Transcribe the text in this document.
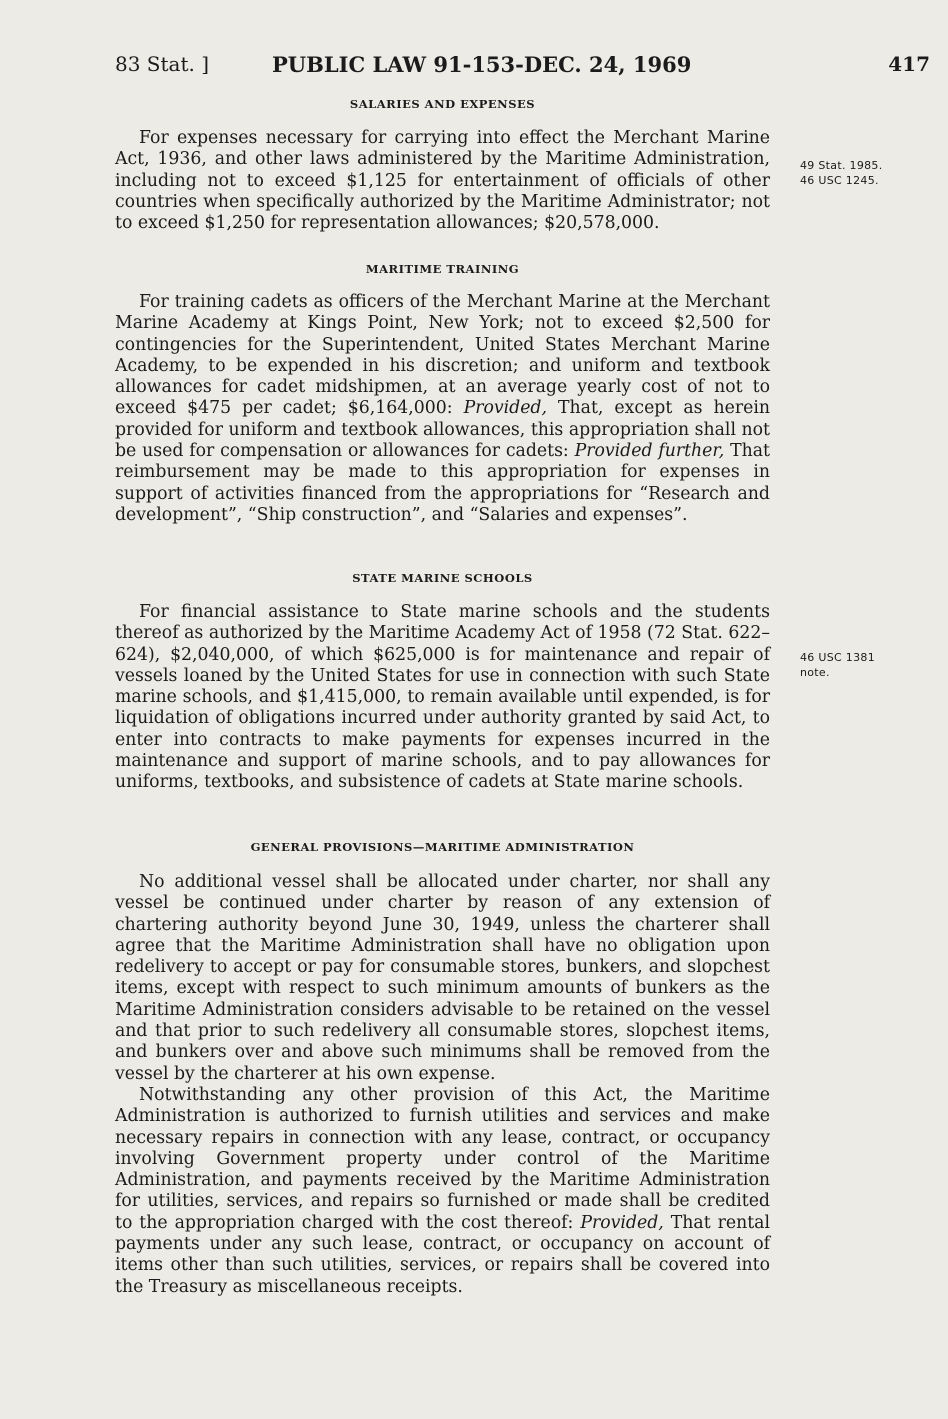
83 Stat. ]	PUBLIC LAW 91-153-DEC. 24, 1969	417
SALARIES AND EXPENSES

For expenses necessary for carrying into effect the Merchant Marine Act, 1936, and other laws administered by the Maritime Administration, including not to exceed $1,125 for entertainment of officials of other countries when specifically authorized by the Maritime Administrator; not to exceed $1,250 for representation allowances; $20,578,000.

49 Stat. 1985.
46 USC 1245.
MARITIME TRAINING

For training cadets as officers of the Merchant Marine at the Merchant Marine Academy at Kings Point, New York; not to exceed $2,500 for contingencies for the Superintendent, United States Merchant Marine Academy, to be expended in his discretion; and uniform and textbook allowances for cadet midshipmen, at an average yearly cost of not to exceed $475 per cadet; $6,164,000: Provided, That, except as herein provided for uniform and textbook allowances, this appropriation shall not be used for compensation or allowances for cadets: Provided further, That reimbursement may be made to this appropriation for expenses in support of activities financed from the appropriations for “Research and development”, “Ship construction”, and “Salaries and expenses”.

STATE MARINE SCHOOLS

For financial assistance to State marine schools and the students thereof as authorized by the Maritime Academy Act of 1958 (72 Stat. 622–624), $2,040,000, of which $625,000 is for maintenance and repair of vessels loaned by the United States for use in connection with such State marine schools, and $1,415,000, to remain available until expended, is for liquidation of obligations incurred under authority granted by said Act, to enter into contracts to make payments for expenses incurred in the maintenance and support of marine schools, and to pay allowances for uniforms, textbooks, and subsistence of cadets at State marine schools.

46 USC 1381
note.
GENERAL PROVISIONS—MARITIME ADMINISTRATION

No additional vessel shall be allocated under charter, nor shall any vessel be continued under charter by reason of any extension of chartering authority beyond June 30, 1949, unless the charterer shall agree that the Maritime Administration shall have no obligation upon redelivery to accept or pay for consumable stores, bunkers, and slopchest items, except with respect to such minimum amounts of bunkers as the Maritime Administration considers advisable to be retained on the vessel and that prior to such redelivery all consumable stores, slopchest items, and bunkers over and above such minimums shall be removed from the vessel by the charterer at his own expense.

Notwithstanding any other provision of this Act, the Maritime Administration is authorized to furnish utilities and services and make necessary repairs in connection with any lease, contract, or occupancy involving Government property under control of the Maritime Administration, and payments received by the Maritime Administration for utilities, services, and repairs so furnished or made shall be credited to the appropriation charged with the cost thereof: Provided, That rental payments under any such lease, contract, or occupancy on account of items other than such utilities, services, or repairs shall be covered into the Treasury as miscellaneous receipts.
